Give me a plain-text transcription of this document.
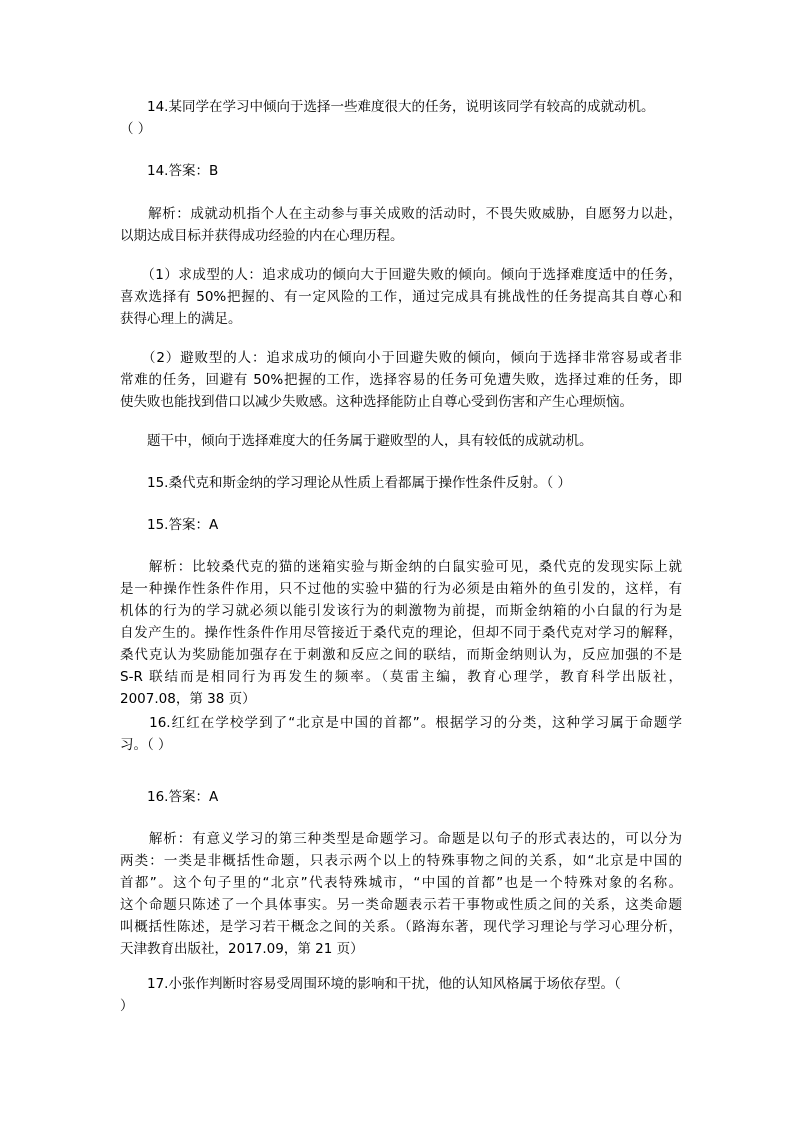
　　14.某同学在学习中倾向于选择一些难度很大的任务，说明该同学有较高的成就动机。
（ ）
　　14.答案：B
　　解析：成就动机指个人在主动参与事关成败的活动时，不畏失败威胁，自愿努力以赴，
以期达成目标并获得成功经验的内在心理历程。
　　（1）求成型的人：追求成功的倾向大于回避失败的倾向。倾向于选择难度适中的任务，
喜欢选择有 50%把握的、有一定风险的工作，通过完成具有挑战性的任务提高其自尊心和
获得心理上的满足。
　　（2）避败型的人：追求成功的倾向小于回避失败的倾向，倾向于选择非常容易或者非
常难的任务，回避有 50%把握的工作，选择容易的任务可免遭失败，选择过难的任务，即
使失败也能找到借口以减少失败感。这种选择能防止自尊心受到伤害和产生心理烦恼。
　　题干中，倾向于选择难度大的任务属于避败型的人，具有较低的成就动机。
　　15.桑代克和斯金纳的学习理论从性质上看都属于操作性条件反射。（ ）
　　15.答案：A
　　解析：比较桑代克的猫的迷箱实验与斯金纳的白鼠实验可见，桑代克的发现实际上就
是一种操作性条件作用，只不过他的实验中猫的行为必须是由箱外的鱼引发的，这样，有
机体的行为的学习就必须以能引发该行为的刺激物为前提，而斯金纳箱的小白鼠的行为是
自发产生的。操作性条件作用尽管接近于桑代克的理论，但却不同于桑代克对学习的解释，
桑代克认为奖励能加强存在于刺激和反应之间的联结，而斯金纳则认为，反应加强的不是
S-R 联结而是相同行为再发生的频率。（莫雷主编，教育心理学，教育科学出版社，
2007.08，第 38 页）
　　16.红红在学校学到了“北京是中国的首都”。根据学习的分类，这种学习属于命题学
习。（ ）
　　16.答案：A
　　解析：有意义学习的第三种类型是命题学习。命题是以句子的形式表达的，可以分为
两类：一类是非概括性命题，只表示两个以上的特殊事物之间的关系，如“北京是中国的
首都”。这个句子里的“北京”代表特殊城市，“中国的首都”也是一个特殊对象的名称。
这个命题只陈述了一个具体事实。另一类命题表示若干事物或性质之间的关系，这类命题
叫概括性陈述，是学习若干概念之间的关系。（路海东著，现代学习理论与学习心理分析，
天津教育出版社，2017.09，第 21 页）
　　17.小张作判断时容易受周围环境的影响和干扰，他的认知风格属于场依存型。（
）
